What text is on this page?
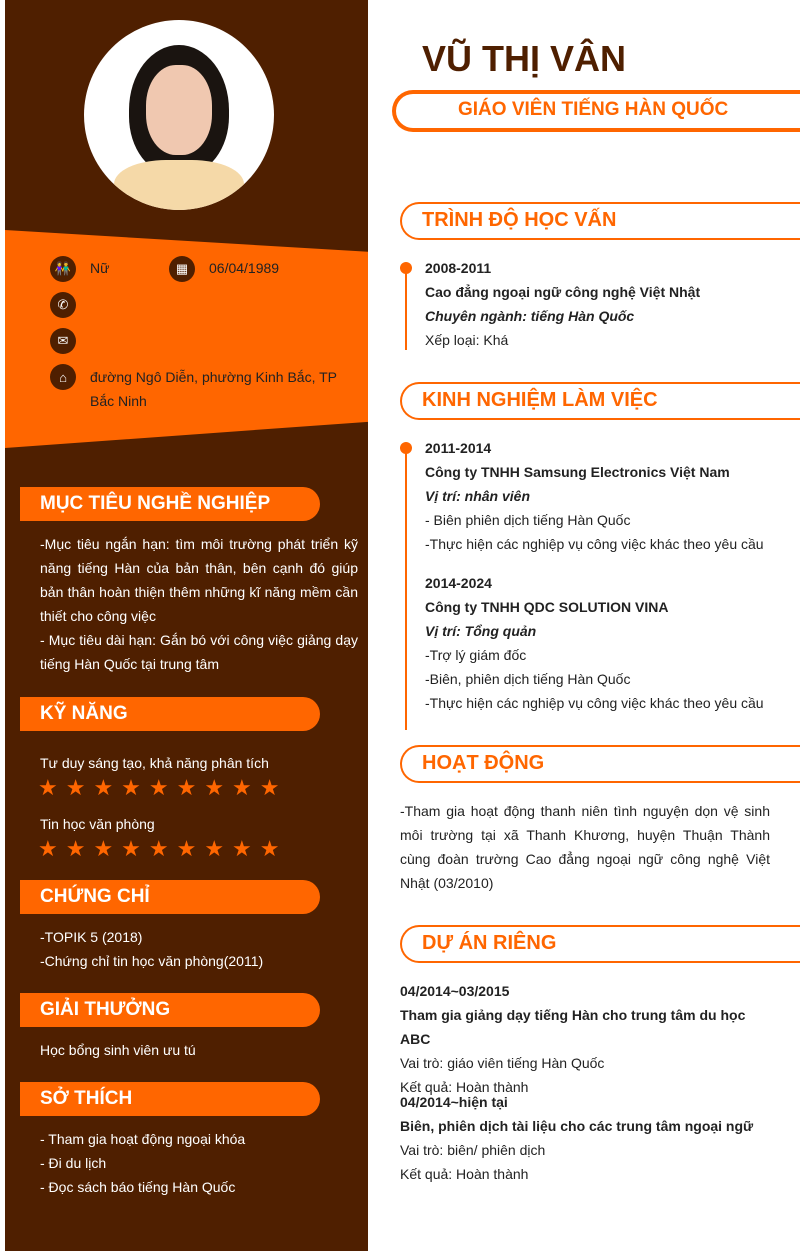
👫	Nữ	▦	06/04/1989
✆
✉
⌂	đường Ngô Diễn, phường Kinh Bắc, TP Bắc Ninh
MỤC TIÊU NGHỀ NGHIỆP
-Mục tiêu ngắn hạn: tìm môi trường phát triển kỹ năng tiếng Hàn của bản thân, bên cạnh đó giúp bản thân hoàn thiện thêm những kĩ năng mềm cần thiết cho công việc
- Mục tiêu dài hạn: Gắn bó với công việc giảng dạy tiếng Hàn Quốc tại trung tâm
KỸ NĂNG
Tư duy sáng tạo, khả năng phân tích
★★★★★★★★★
Tin học văn phòng
★★★★★★★★★
CHỨNG CHỈ
-TOPIK 5 (2018)
-Chứng chỉ tin học văn phòng(2011)
GIẢI THƯỞNG
Học bổng sinh viên ưu tú
SỞ THÍCH
- Tham gia hoạt động ngoại khóa
- Đi du lịch
- Đọc sách báo tiếng Hàn Quốc
VŨ THỊ VÂN
GIÁO VIÊN TIẾNG HÀN QUỐC
TRÌNH ĐỘ HỌC VẤN
2008-2011
Cao đẳng ngoại ngữ công nghệ Việt Nhật
Chuyên ngành: tiếng Hàn Quốc
Xếp loại: Khá
KINH NGHIỆM LÀM VIỆC
2011-2014
Công ty TNHH Samsung Electronics Việt Nam
Vị trí: nhân viên
- Biên phiên dịch tiếng Hàn Quốc
-Thực hiện các nghiệp vụ công việc khác theo yêu cầu
2014-2024
Công ty TNHH QDC SOLUTION VINA
Vị trí: Tổng quản
-Trợ lý giám đốc
-Biên, phiên dịch tiếng Hàn Quốc
-Thực hiện các nghiệp vụ công việc khác theo yêu cầu
HOẠT ĐỘNG
-Tham gia hoạt động thanh niên tình nguyện dọn vệ sinh môi trường tại xã Thanh Khương, huyện Thuận Thành cùng đoàn trường Cao đẳng ngoại ngữ công nghệ Việt Nhật (03/2010)
DỰ ÁN RIÊNG
04/2014~03/2015
Tham gia giảng dạy tiếng Hàn cho trung tâm du học ABC
Vai trò: giáo viên tiếng Hàn Quốc
Kết quả: Hoàn thành
04/2014~hiện tại
Biên, phiên dịch tài liệu cho các trung tâm ngoại ngữ
Vai trò: biên/ phiên dịch
Kết quả: Hoàn thành
